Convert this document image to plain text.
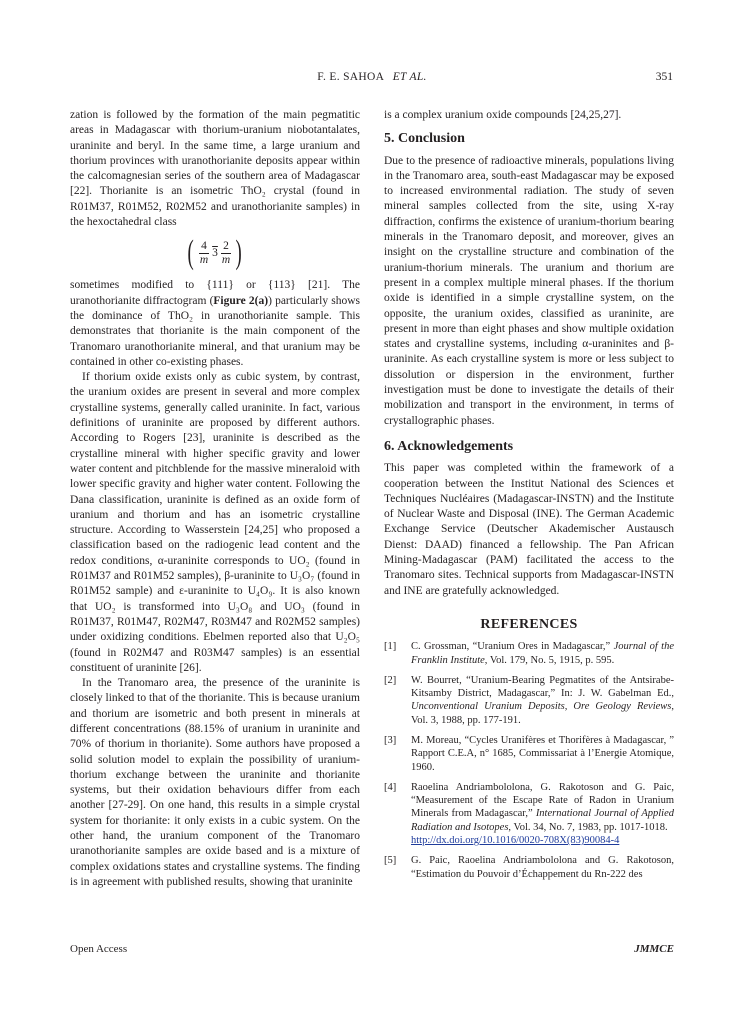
F. E. SAHOA ET AL.	351

zation is followed by the formation of the main pegmatitic areas in Madagascar with thorium-uranium niobotantalates, uraninite and beryl. In the same time, a large uranium and thorium provinces with uranothorianite deposits appear within the calcomagnesian series of the southern area of Madagascar [22]. Thorianite is an isometric ThO₂ crystal (found in R01M37, R01M52, R02M52 and uranothorianite samples) in the hexoctahedral class

( $\frac{4}{m} 3 \frac{2}{m}$ )

sometimes modified to {111} or {113} [21]. The uranothorianite diffractogram (Figure 2(a)) particularly shows the dominance of ThO₂ in uranothorianite sample. This demonstrates that thorianite is the main component of the Tranomaro uranothorianite mineral, and that uranium may be contained in other co-existing phases.

If thorium oxide exists only as cubic system, by contrast, the uranium oxides are present in several and more complex crystalline systems, generally called uraninite. In fact, various definitions of uraninite are proposed by different authors. According to Rogers [23], uraninite is described as the crystalline mineral with higher specific gravity and lower water content and pitchblende for the massive mineraloid with lower specific gravity and higher water content. Following the Dana classification, uraninite is defined as an oxide form of uranium and thorium and has an isometric crystalline structure. According to Wasserstein [24,25] who proposed a classification based on the radiogenic lead content and the redox conditions, α-uraninite corresponds to UO₂ (found in R01M37 and R01M52 samples), β-uraninite to U₃O₇ (found in R01M52 sample) and ε-uraninite to U₄O₉. It is also known that UO₂ is transformed into U₃O₈ and UO₃ (found in R01M37, R01M47, R02M47, R03M47 and R02M52 samples) under oxidizing conditions. Ebelmen reported also that U₂O₅ (found in R02M47 and R03M47 samples) is an essential constituent of uraninite [26].

In the Tranomaro area, the presence of the uraninite is closely linked to that of the thorianite. This is because uranium and thorium are isometric and both present in minerals at different concentrations (88.15% of uranium in uraninite and 70% of thorium in thorianite). Some authors have proposed a solid solution model to explain the possibility of uranium-thorium exchange between the uraninite and thorianite systems, but their oxidation behaviours differ from each another [27-29]. On one hand, this results in a simple crystal system for thorianite: it only exists in a cubic system. On the other hand, the uranium component of the Tranomaro uranothorianite samples are oxide based and is a mixture of complex oxidations states and crystalline systems. The finding is in agreement with published results, showing that uraninite

is a complex uranium oxide compounds [24,25,27].

5. Conclusion

Due to the presence of radioactive minerals, populations living in the Tranomaro area, south-east Madagascar may be exposed to increased environmental radiation. The study of seven mineral samples collected from the site, using X-ray diffraction, confirms the existence of uranium-thorium bearing minerals in the Tranomaro deposit, and moreover, gives an insight on the crystalline structure and combination of the uranium-thorium minerals. The uranium and thorium are present in a complex multiple mineral phases. If the thorium oxide is identified in a simple crystalline system, on the opposite, the uranium oxides, classified as uraninite, are present in more than eight phases and show multiple oxidation states and crystalline systems, including α-uraninites and β-uraninite. As each crystalline system is more or less subject to dissolution or dispersion in the environment, further investigation must be done to investigate the details of their mobilization and transport in the environment, in terms of crystallographic phases.

6. Acknowledgements

This paper was completed within the framework of a cooperation between the Institut National des Sciences et Techniques Nucléaires (Madagascar-INSTN) and the Institute of Nuclear Waste and Disposal (INE). The German Academic Exchange Service (Deutscher Akademischer Austausch Dienst: DAAD) financed a fellowship. The Pan African Mining-Madagascar (PAM) facilitated the access to the Tranomaro sites. Technical supports from Madagascar-INSTN and INE are gratefully acknowledged.

REFERENCES
[1]	C. Grossman, “Uranium Ores in Madagascar,” Journal of the Franklin Institute, Vol. 179, No. 5, 1915, p. 595.
[2]	W. Bourret, “Uranium-Bearing Pegmatites of the Antsirabe-Kitsamby District, Madagascar,” In: J. W. Gabelman Ed., Unconventional Uranium Deposits, Ore Geology Reviews, Vol. 3, 1988, pp. 177-191.
[3]	M. Moreau, “Cycles Uranifères et Thorifères à Madagascar, ” Rapport C.E.A, n° 1685, Commissariat à l’Energie Atomique, 1960.
[4]	Raoelina Andriambololona, G. Rakotoson and G. Paic, “Measurement of the Escape Rate of Radon in Uranium Minerals from Madagascar,” International Journal of Applied Radiation and Isotopes, Vol. 34, No. 7, 1983, pp. 1017-1018.
http://dx.doi.org/10.1016/0020-708X(83)90084-4
[5]	G. Paic, Raoelina Andriambololona and G. Rakotoson, “Estimation du Pouvoir d’Échappement du Rn-222 des
Open Access	JMMCE
